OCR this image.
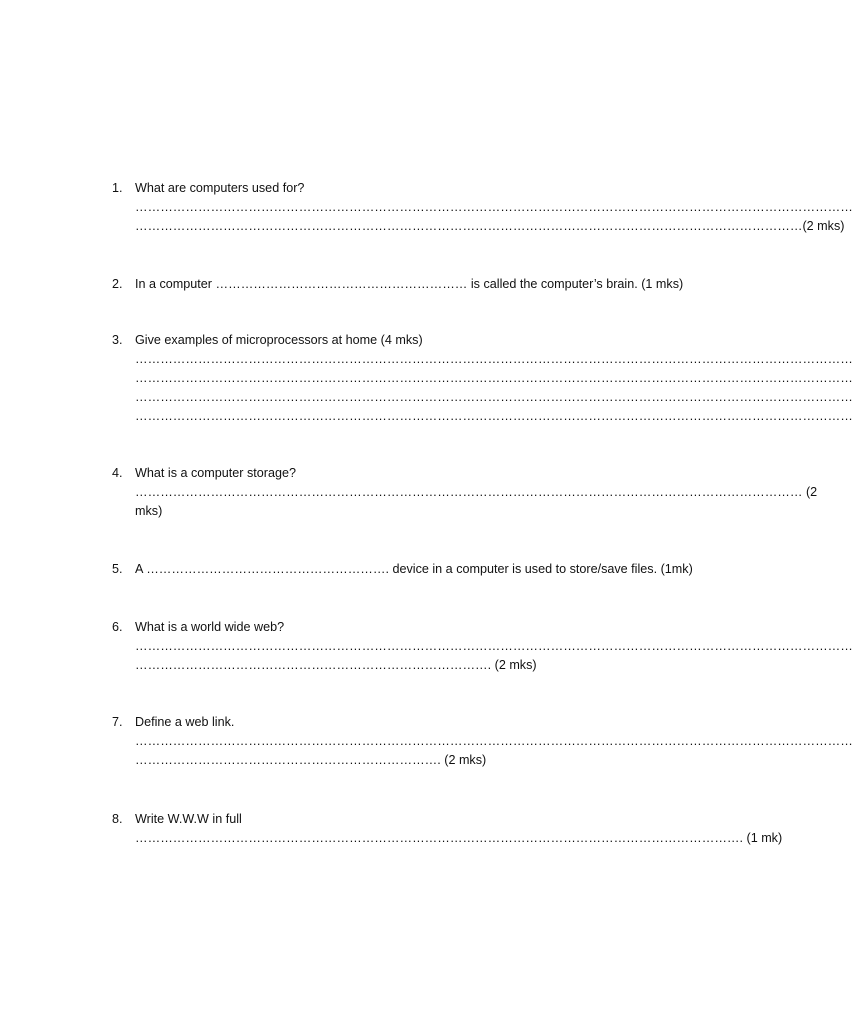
1. What are computers used for?
………………………………………………………………………………………………………………………………………………………
……………………………………………………………………………………………………………………………………………(2 mks)
2. In a computer …………………………………………………… is called the computer’s brain. (1 mks)
3. Give examples of microprocessors at home (4 mks)
………………………………………………………………………………………………………………………………………………………
………………………………………………………………………………………………………………………………………………………
………………………………………………………………………………………………………………………………………………………
………………………………………………………………………………………………………………………………………………………
4. What is a computer storage?
…………………………………………………………………………………………………………………………………………… (2
mks)
5. A …………………………………………………. device in a computer is used to store/save files. (1mk)
6. What is a world wide web?
………………………………………………………………………………………………………………………………………………………
…………………………………………………………………………. (2 mks)
7. Define a web link.
………………………………………………………………………………………………………………………………………………………
………………………………………………………………. (2 mks)
8. Write W.W.W in full
………………………………………………………………………………………………………………………………. (1 mk)
